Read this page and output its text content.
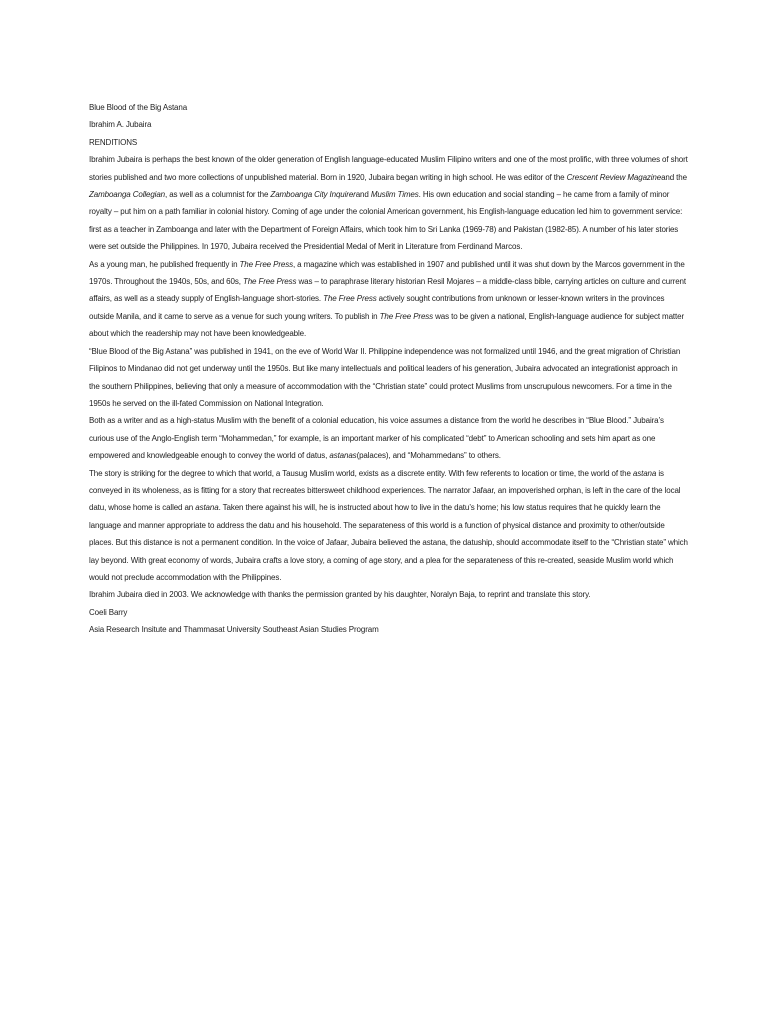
Blue Blood of the Big Astana

Ibrahim A. Jubaira

RENDITIONS

Ibrahim Jubaira is perhaps the best known of the older generation of English language-educated Muslim Filipino writers and one of the most prolific, with three volumes of short stories published and two more collections of unpublished material. Born in 1920, Jubaira began writing in high school. He was editor of the Crescent Review Magazineand the Zamboanga Collegian, as well as a columnist for the Zamboanga City Inquirerand Muslim Times. His own education and social standing – he came from a family of minor royalty – put him on a path familiar in colonial history. Coming of age under the colonial American government, his English-language education led him to government service: first as a teacher in Zamboanga and later with the Department of Foreign Affairs, which took him to Sri Lanka (1969-78) and Pakistan (1982-85). A number of his later stories were set outside the Philippines. In 1970, Jubaira received the Presidential Medal of Merit in Literature from Ferdinand Marcos.

As a young man, he published frequently in The Free Press, a magazine which was established in 1907 and published until it was shut down by the Marcos government in the 1970s. Throughout the 1940s, 50s, and 60s, The Free Press was – to paraphrase literary historian Resil Mojares – a middle-class bible, carrying articles on culture and current affairs, as well as a steady supply of English-language short-stories. The Free Press actively sought contributions from unknown or lesser-known writers in the provinces outside Manila, and it came to serve as a venue for such young writers. To publish in The Free Press was to be given a national, English-language audience for subject matter about which the readership may not have been knowledgeable.

“Blue Blood of the Big Astana” was published in 1941, on the eve of World War II. Philippine independence was not formalized until 1946, and the great migration of Christian Filipinos to Mindanao did not get underway until the 1950s. But like many intellectuals and political leaders of his generation, Jubaira advocated an integrationist approach in the southern Philippines, believing that only a measure of accommodation with the “Christian state” could protect Muslims from unscrupulous newcomers. For a time in the 1950s he served on the ill-fated Commission on National Integration.

Both as a writer and as a high-status Muslim with the benefit of a colonial education, his voice assumes a distance from the world he describes in “Blue Blood.” Jubaira’s curious use of the Anglo-English term “Mohammedan,” for example, is an important marker of his complicated “debt” to American schooling and sets him apart as one empowered and knowledgeable enough to convey the world of datus, astanas(palaces), and “Mohammedans” to others.

The story is striking for the degree to which that world, a Tausug Muslim world, exists as a discrete entity. With few referents to location or time, the world of the astana is conveyed in its wholeness, as is fitting for a story that recreates bittersweet childhood experiences. The narrator Jafaar, an impoverished orphan, is left in the care of the local datu, whose home is called an astana. Taken there against his will, he is instructed about how to live in the datu’s home; his low status requires that he quickly learn the language and manner appropriate to address the datu and his household. The separateness of this world is a function of physical distance and proximity to other/outside places. But this distance is not a permanent condition. In the voice of Jafaar, Jubaira believed the astana, the datuship, should accommodate itself to the “Christian state” which lay beyond. With great economy of words, Jubaira crafts a love story, a coming of age story, and a plea for the separateness of this re-created, seaside Muslim world which would not preclude accommodation with the Philippines.

Ibrahim Jubaira died in 2003. We acknowledge with thanks the permission granted by his daughter, Noralyn Baja, to reprint and translate this story.

Coeli Barry

Asia Research Insitute and Thammasat University Southeast Asian Studies Program
